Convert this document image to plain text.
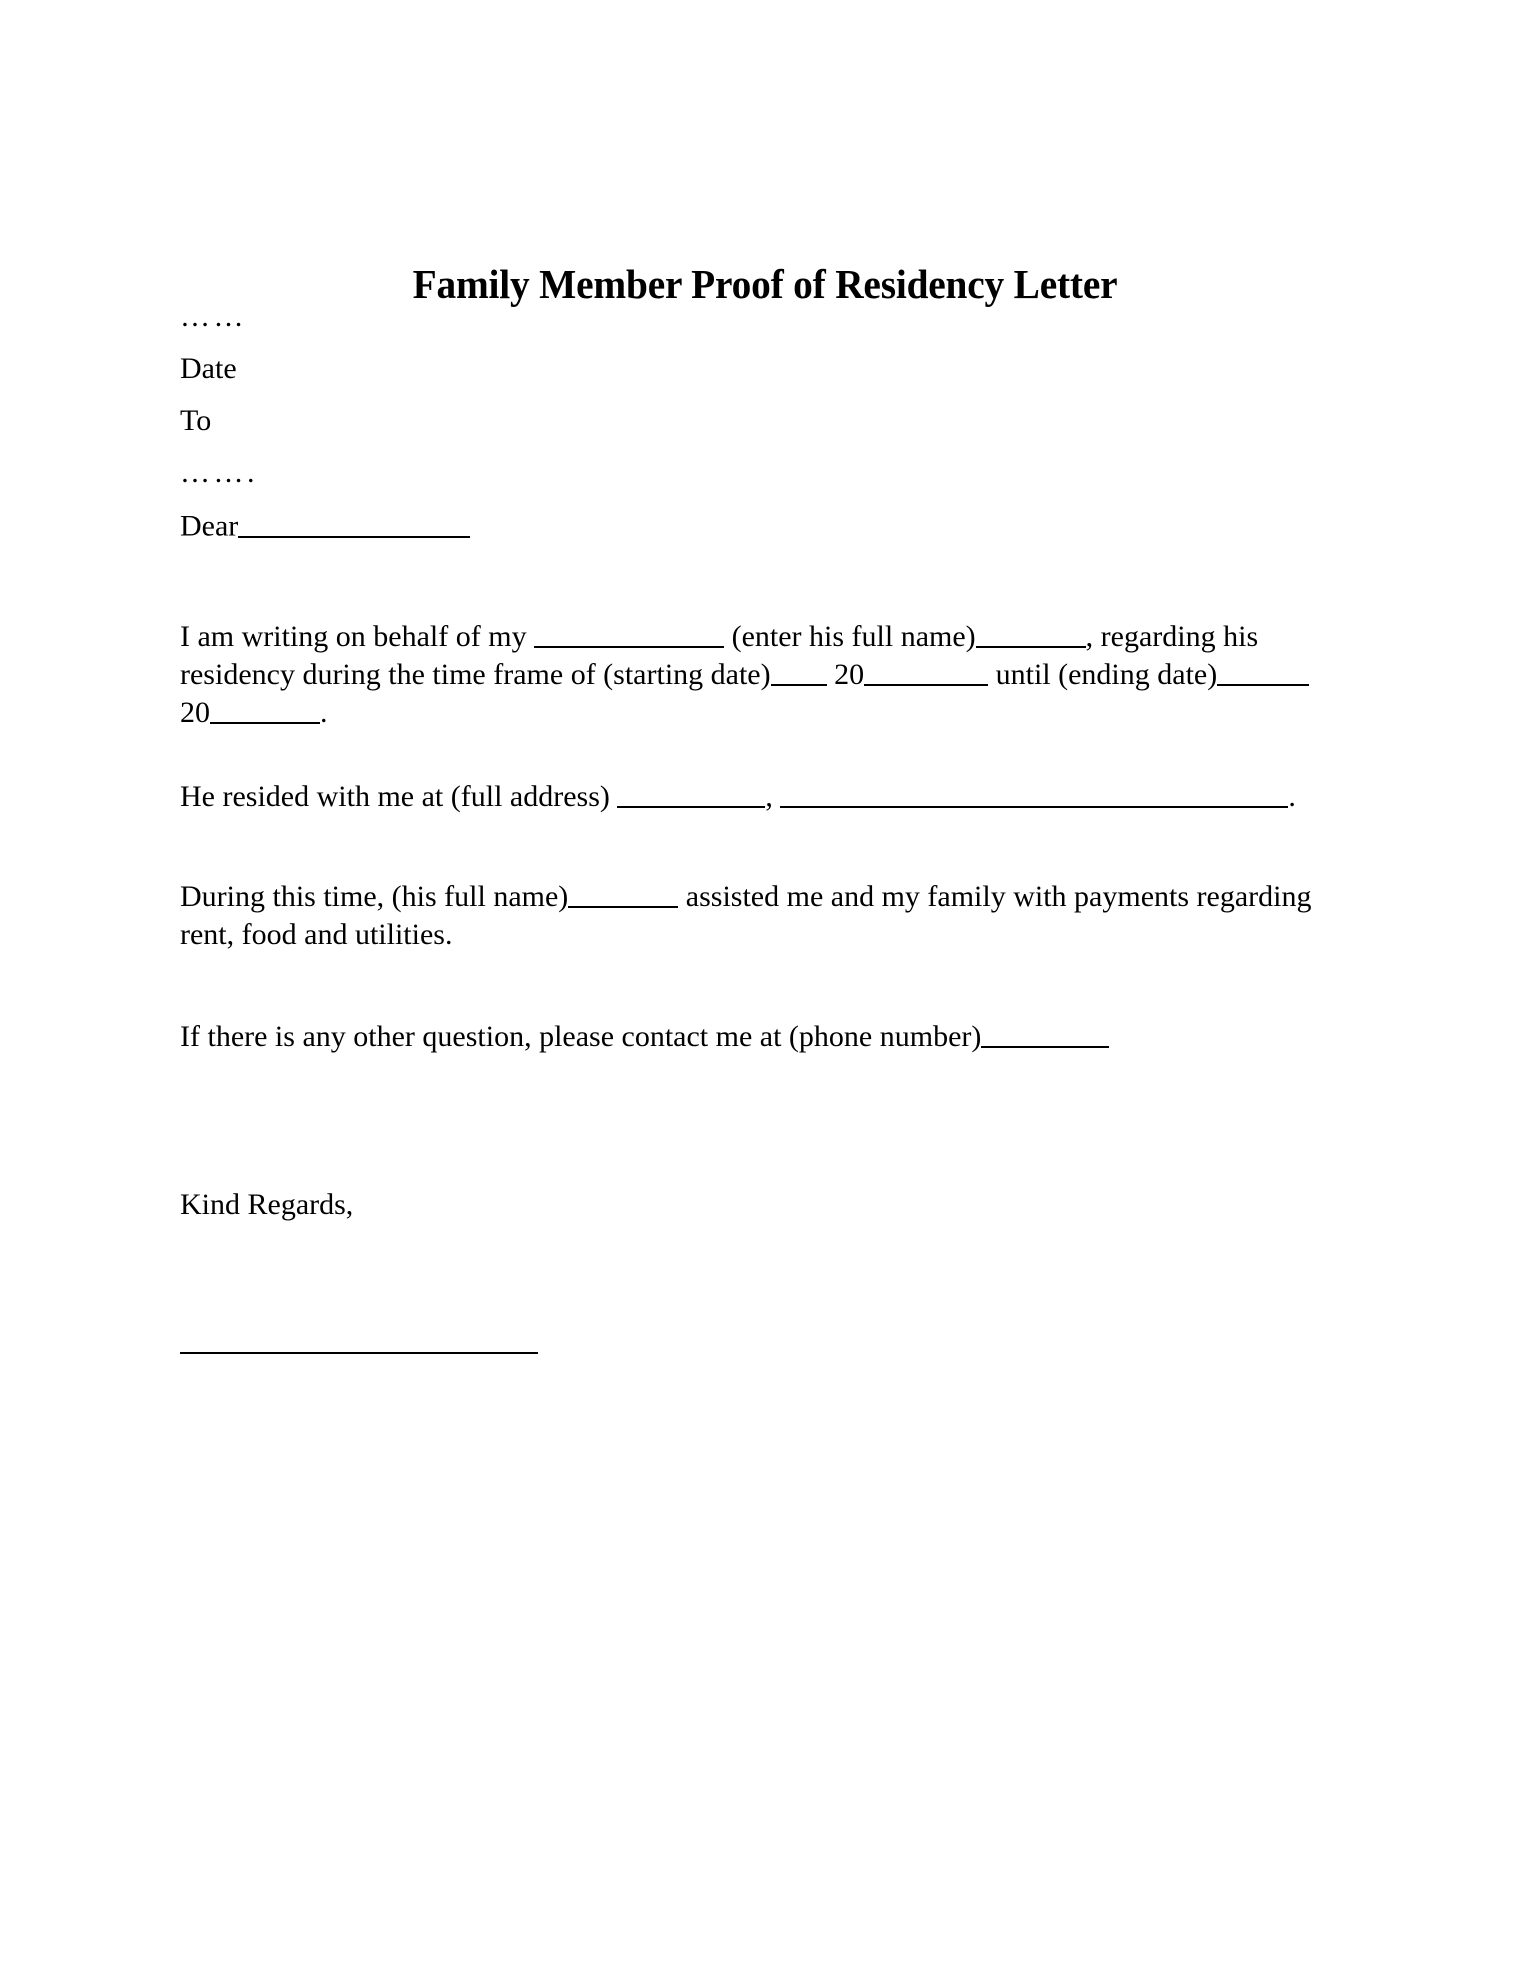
Family Member Proof of Residency Letter
……
Date
To
…….
Dear
I am writing on behalf of my	(enter his full name)	, regarding his residency during the time frame of (starting date) 20	until (ending date) 20	.
He resided with me at (full address)	,	.
During this time, (his full name)	assisted me and my family with payments regarding rent, food and utilities.
If there is any other question, please contact me at (phone number)
Kind Regards,
